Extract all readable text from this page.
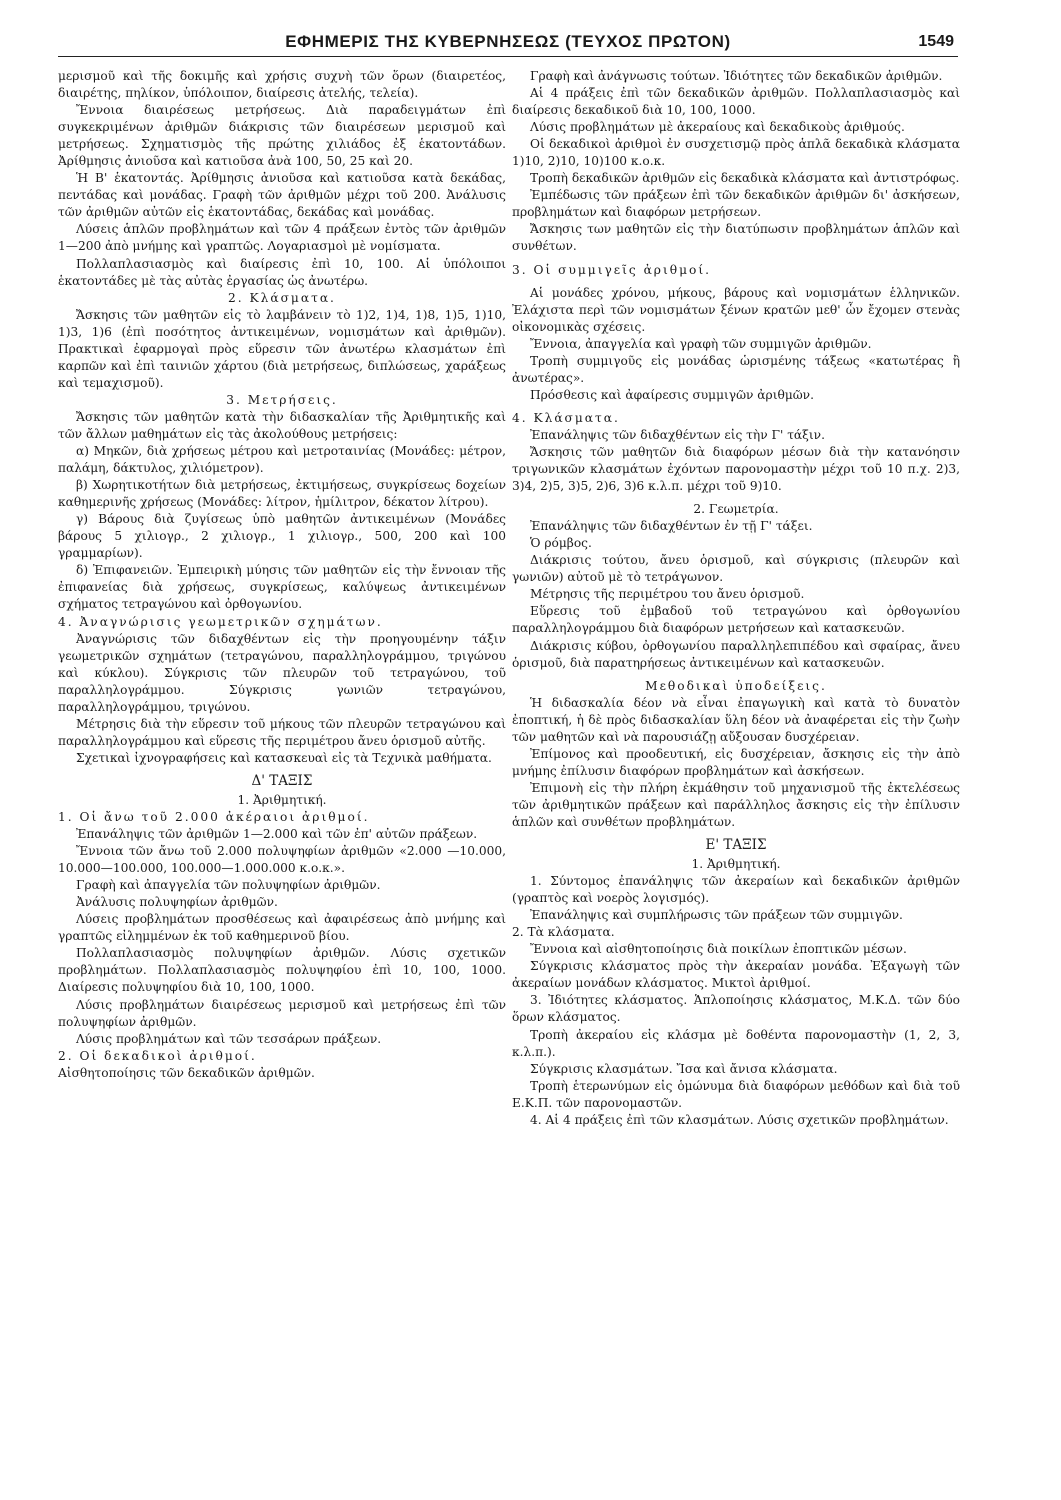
ΕΦΗΜΕΡΙΣ ΤΗΣ ΚΥΒΕΡΝΗΣΕΩΣ (ΤΕΥΧΟΣ ΠΡΩΤΟΝ)	1549

μερισμοῦ καὶ τῆς δοκιμῆς καὶ χρήσις συχνὴ τῶν ὅρων (διαιρετέος, διαιρέτης, πηλίκον, ὑπόλοιπον, διαίρεσις ἀτελής, τελεία).

Ἔννοια διαιρέσεως μετρήσεως. Διὰ παραδειγμάτων ἐπὶ συγκεκριμένων ἀριθμῶν διάκρισις τῶν διαιρέσεων μερισμοῦ καὶ μετρήσεως. Σχηματισμὸς τῆς πρώτης χιλιάδος ἐξ ἑκατοντάδων. Ἀρίθμησις ἀνιοῦσα καὶ κατιοῦσα ἀνὰ 100, 50, 25 καὶ 20.

Ἡ Β' ἑκατοντάς. Ἀρίθμησις ἀνιοῦσα καὶ κατιοῦσα κατὰ δεκάδας, πεντάδας καὶ μονάδας. Γραφὴ τῶν ἀριθμῶν μέχρι τοῦ 200. Ἀνάλυσις τῶν ἀριθμῶν αὐτῶν εἰς ἑκατοντάδας, δεκάδας καὶ μονάδας.

Λύσεις ἁπλῶν προβλημάτων καὶ τῶν 4 πράξεων ἐντὸς τῶν ἀριθμῶν 1—200 ἀπὸ μνήμης καὶ γραπτῶς. Λογαριασμοὶ μὲ νομίσματα.

Πολλαπλασιασμὸς καὶ διαίρεσις ἐπὶ 10, 100. Αἱ ὑπόλοιποι ἑκατοντάδες μὲ τὰς αὐτὰς ἐργασίας ὡς ἀνωτέρω.

2. Κλάσματα.

Ἄσκησις τῶν μαθητῶν εἰς τὸ λαμβάνειν τὸ 1)2, 1)4, 1)8, 1)5, 1)10, 1)3, 1)6 (ἐπὶ ποσότητος ἀντικειμένων, νομισμάτων καὶ ἀριθμῶν). Πρακτικαὶ ἐφαρμογαὶ πρὸς εὕρεσιν τῶν ἀνωτέρω κλασμάτων ἐπὶ καρπῶν καὶ ἐπὶ ταινιῶν χάρτου (διὰ μετρήσεως, διπλώσεως, χαράξεως καὶ τεμαχισμοῦ).

3. Μετρήσεις.

Ἄσκησις τῶν μαθητῶν κατὰ τὴν διδασκαλίαν τῆς Ἀριθμητικῆς καὶ τῶν ἄλλων μαθημάτων εἰς τὰς ἀκολούθους μετρήσεις:

α) Μηκῶν, διὰ χρήσεως μέτρου καὶ μετροταινίας (Μονάδες: μέτρον, παλάμη, δάκτυλος, χιλιόμετρον).

β) Χωρητικοτήτων διὰ μετρήσεως, ἐκτιμήσεως, συγκρίσεως δοχείων καθημερινῆς χρήσεως (Μονάδες: λίτρον, ἡμίλιτρον, δέκατον λίτρου).

γ) Βάρους διὰ ζυγίσεως ὑπὸ μαθητῶν ἀντικειμένων (Μονάδες βάρους 5 χιλιογρ., 2 χιλιογρ., 1 χιλιογρ., 500, 200 καὶ 100 γραμμαρίων).

δ) Ἐπιφανειῶν. Ἐμπειρικὴ μύησις τῶν μαθητῶν εἰς τὴν ἔννοιαν τῆς ἐπιφανείας διὰ χρήσεως, συγκρίσεως, καλύψεως ἀντικειμένων σχήματος τετραγώνου καὶ ὀρθογωνίου.

4. Ἀναγνώρισις γεωμετρικῶν σχημάτων.

Ἀναγνώρισις τῶν διδαχθέντων εἰς τὴν προηγουμένην τάξιν γεωμετρικῶν σχημάτων (τετραγώνου, παραλληλογράμμου, τριγώνου καὶ κύκλου). Σύγκρισις τῶν πλευρῶν τοῦ τετραγώνου, τοῦ παραλληλογράμμου. Σύγκρισις γωνιῶν τετραγώνου, παραλληλογράμμου, τριγώνου.

Μέτρησις διὰ τὴν εὕρεσιν τοῦ μήκους τῶν πλευρῶν τετραγώνου καὶ παραλληλογράμμου καὶ εὕρεσις τῆς περιμέτρου ἄνευ ὁρισμοῦ αὐτῆς.

Σχετικαὶ ἰχνογραφήσεις καὶ κατασκευαὶ εἰς τὰ Τεχνικὰ μαθήματα.

Δ' ΤΑΞΙΣ

1. Ἀριθμητική.

1. Οἱ ἄνω τοῦ 2.000 ἀκέραιοι ἀριθμοί.

Ἐπανάληψις τῶν ἀριθμῶν 1—2.000 καὶ τῶν ἐπ' αὐτῶν πράξεων.

Ἔννοια τῶν ἄνω τοῦ 2.000 πολυψηφίων ἀριθμῶν «2.000 —10.000, 10.000—100.000, 100.000—1.000.000 κ.ο.κ.».

Γραφὴ καὶ ἀπαγγελία τῶν πολυψηφίων ἀριθμῶν.

Ἀνάλυσις πολυψηφίων ἀριθμῶν.

Λύσεις προβλημάτων προσθέσεως καὶ ἀφαιρέσεως ἀπὸ μνήμης καὶ γραπτῶς εἰλημμένων ἐκ τοῦ καθημερινοῦ βίου.

Πολλαπλασιασμὸς πολυψηφίων ἀριθμῶν. Λύσις σχετικῶν προβλημάτων. Πολλαπλασιασμὸς πολυψηφίου ἐπὶ 10, 100, 1000. Διαίρεσις πολυψηφίου διὰ 10, 100, 1000.

Λύσις προβλημάτων διαιρέσεως μερισμοῦ καὶ μετρήσεως ἐπὶ τῶν πολυψηφίων ἀριθμῶν.

Λύσις προβλημάτων καὶ τῶν τεσσάρων πράξεων.

2. Οἱ δεκαδικοὶ ἀριθμοί.

Αἰσθητοποίησις τῶν δεκαδικῶν ἀριθμῶν.

Γραφὴ καὶ ἀνάγνωσις τούτων. Ἰδιότητες τῶν δεκαδικῶν ἀριθμῶν.

Αἱ 4 πράξεις ἐπὶ τῶν δεκαδικῶν ἀριθμῶν. Πολλαπλασιασμὸς καὶ διαίρεσις δεκαδικοῦ διὰ 10, 100, 1000.

Λύσις προβλημάτων μὲ ἀκεραίους καὶ δεκαδικοὺς ἀριθμούς.

Οἱ δεκαδικοὶ ἀριθμοὶ ἐν συσχετισμῷ πρὸς ἁπλᾶ δεκαδικὰ κλάσματα 1)10, 2)10, 10)100 κ.ο.κ.

Τροπὴ δεκαδικῶν ἀριθμῶν εἰς δεκαδικὰ κλάσματα καὶ ἀντιστρόφως.

Ἐμπέδωσις τῶν πράξεων ἐπὶ τῶν δεκαδικῶν ἀριθμῶν δι' ἀσκήσεων, προβλημάτων καὶ διαφόρων μετρήσεων.

Ἄσκησις των μαθητῶν εἰς τὴν διατύπωσιν προβλημάτων ἁπλῶν καὶ συνθέτων.

3. Οἱ συμμιγεῖς ἀριθμοί.

Αἱ μονάδες χρόνου, μήκους, βάρους καὶ νομισμάτων ἑλληνικῶν. Ἐλάχιστα περὶ τῶν νομισμάτων ξένων κρατῶν μεθ' ὧν ἔχομεν στενὰς οἰκονομικὰς σχέσεις.

Ἔννοια, ἀπαγγελία καὶ γραφὴ τῶν συμμιγῶν ἀριθμῶν.

Τροπὴ συμμιγοῦς εἰς μονάδας ὡρισμένης τάξεως «κατωτέρας ἢ ἀνωτέρας».

Πρόσθεσις καὶ ἀφαίρεσις συμμιγῶν ἀριθμῶν.

4. Κλάσματα.

Ἐπανάληψις τῶν διδαχθέντων εἰς τὴν Γ' τάξιν.

Ἄσκησις τῶν μαθητῶν διὰ διαφόρων μέσων διὰ τὴν κατανόησιν τριγωνικῶν κλασμάτων ἐχόντων παρονομαστὴν μέχρι τοῦ 10 π.χ. 2)3, 3)4, 2)5, 3)5, 2)6, 3)6 κ.λ.π. μέχρι τοῦ 9)10.

2. Γεωμετρία.

Ἐπανάληψις τῶν διδαχθέντων ἐν τῇ Γ' τάξει.

Ὁ ρόμβος.

Διάκρισις τούτου, ἄνευ ὁρισμοῦ, καὶ σύγκρισις (πλευρῶν καὶ γωνιῶν) αὐτοῦ μὲ τὸ τετράγωνον.

Μέτρησις τῆς περιμέτρου του ἄνευ ὁρισμοῦ.

Εὕρεσις τοῦ ἐμβαδοῦ τοῦ τετραγώνου καὶ ὀρθογωνίου παραλληλογράμμου διὰ διαφόρων μετρήσεων καὶ κατασκευῶν.

Διάκρισις κύβου, ὀρθογωνίου παραλληλεπιπέδου καὶ σφαίρας, ἄνευ ὁρισμοῦ, διὰ παρατηρήσεως ἀντικειμένων καὶ κατασκευῶν.

Μεθοδικαὶ ὑποδείξεις.

Ἡ διδασκαλία δέον νὰ εἶναι ἐπαγωγικὴ καὶ κατὰ τὸ δυνατὸν ἐποπτική, ἡ δὲ πρὸς διδασκαλίαν ὕλη δέον νὰ ἀναφέρεται εἰς τὴν ζωὴν τῶν μαθητῶν καὶ νὰ παρουσιάζῃ αὔξουσαν δυσχέρειαν.

Ἐπίμονος καὶ προοδευτική, εἰς δυσχέρειαν, ἄσκησις εἰς τὴν ἀπὸ μνήμης ἐπίλυσιν διαφόρων προβλημάτων καὶ ἀσκήσεων.

Ἐπιμονὴ εἰς τὴν πλήρη ἐκμάθησιν τοῦ μηχανισμοῦ τῆς ἐκτελέσεως τῶν ἀριθμητικῶν πράξεων καὶ παράλληλος ἄσκησις εἰς τὴν ἐπίλυσιν ἁπλῶν καὶ συνθέτων προβλημάτων.

Ε' ΤΑΞΙΣ

1. Ἀριθμητική.

1. Σύντομος ἐπανάληψις τῶν ἀκεραίων καὶ δεκαδικῶν ἀριθμῶν (γραπτὸς καὶ νοερὸς λογισμός).

Ἐπανάληψις καὶ συμπλήρωσις τῶν πράξεων τῶν συμμιγῶν.

2. Τὰ κλάσματα.

Ἔννοια καὶ αἰσθητοποίησις διὰ ποικίλων ἐποπτικῶν μέσων.

Σύγκρισις κλάσματος πρὸς τὴν ἀκεραίαν μονάδα. Ἐξαγωγὴ τῶν ἀκεραίων μονάδων κλάσματος. Μικτοὶ ἀριθμοί.

3. Ἰδιότητες κλάσματος. Ἁπλοποίησις κλάσματος, Μ.Κ.Δ. τῶν δύο ὅρων κλάσματος.

Τροπὴ ἀκεραίου εἰς κλάσμα μὲ δοθέντα παρονομαστὴν (1, 2, 3, κ.λ.π.).

Σύγκρισις κλασμάτων. Ἴσα καὶ ἄνισα κλάσματα.

Τροπὴ ἑτερωνύμων εἰς ὁμώνυμα διὰ διαφόρων μεθόδων καὶ διὰ τοῦ Ε.Κ.Π. τῶν παρονομαστῶν.

4. Αἱ 4 πράξεις ἐπὶ τῶν κλασμάτων. Λύσις σχετικῶν προβλημάτων.
